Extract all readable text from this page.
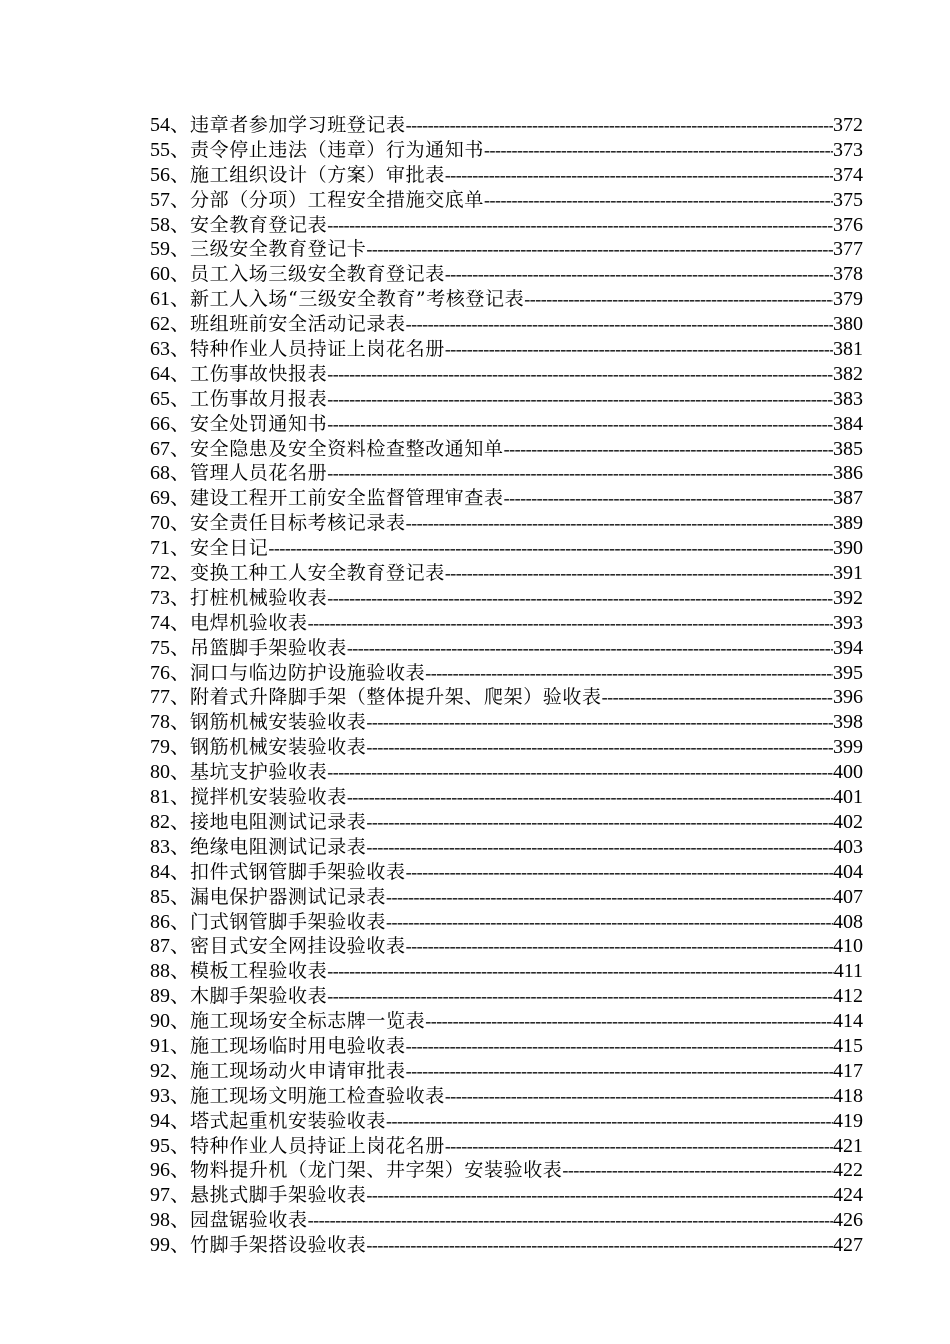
54、 违章者参加学习班登记表 -----	372
55、 责令停止违法（违章）行为通知书 -----	373
56、 施工组织设计（方案）审批表 -----	374
57、 分部（分项）工程安全措施交底单 -----	375
58、 安全教育登记表 -----	376
59、 三级安全教育登记卡 -----	377
60、 员工入场三级安全教育登记表 -----	378
61、 新工人入场“三级安全教育”考核登记表 -----	379
62、 班组班前安全活动记录表 -----	380
63、 特种作业人员持证上岗花名册 -----	381
64、 工伤事故快报表 -----	382
65、 工伤事故月报表 -----	383
66、 安全处罚通知书 -----	384
67、 安全隐患及安全资料检查整改通知单 -----	385
68、 管理人员花名册 -----	386
69、 建设工程开工前安全监督管理审查表 -----	387
70、 安全责任目标考核记录表 -----	389
71、 安全日记 -----	390
72、 变换工种工人安全教育登记表 -----	391
73、 打桩机械验收表 -----	392
74、 电焊机验收表 -----	393
75、 吊篮脚手架验收表 -----	394
76、 洞口与临边防护设施验收表 -----	395
77、 附着式升降脚手架（整体提升架、爬架）验收表 -----	396
78、 钢筋机械安装验收表 -----	398
79、 钢筋机械安装验收表 -----	399
80、 基坑支护验收表 -----	400
81、 搅拌机安装验收表 -----	401
82、 接地电阻测试记录表 -----	402
83、 绝缘电阻测试记录表 -----	403
84、 扣件式钢管脚手架验收表 -----	404
85、 漏电保护器测试记录表 -----	407
86、 门式钢管脚手架验收表 -----	408
87、 密目式安全网挂设验收表 -----	410
88、 模板工程验收表 -----	411
89、 木脚手架验收表 -----	412
90、 施工现场安全标志牌一览表 -----	414
91、 施工现场临时用电验收表 -----	415
92、 施工现场动火申请审批表 -----	417
93、 施工现场文明施工检查验收表 -----	418
94、 塔式起重机安装验收表 -----	419
95、 特种作业人员持证上岗花名册 -----	421
96、 物料提升机（龙门架、井字架）安装验收表 -----	422
97、 悬挑式脚手架验收表 -----	424
98、 园盘锯验收表 -----	426
99、 竹脚手架搭设验收表 -----	427
